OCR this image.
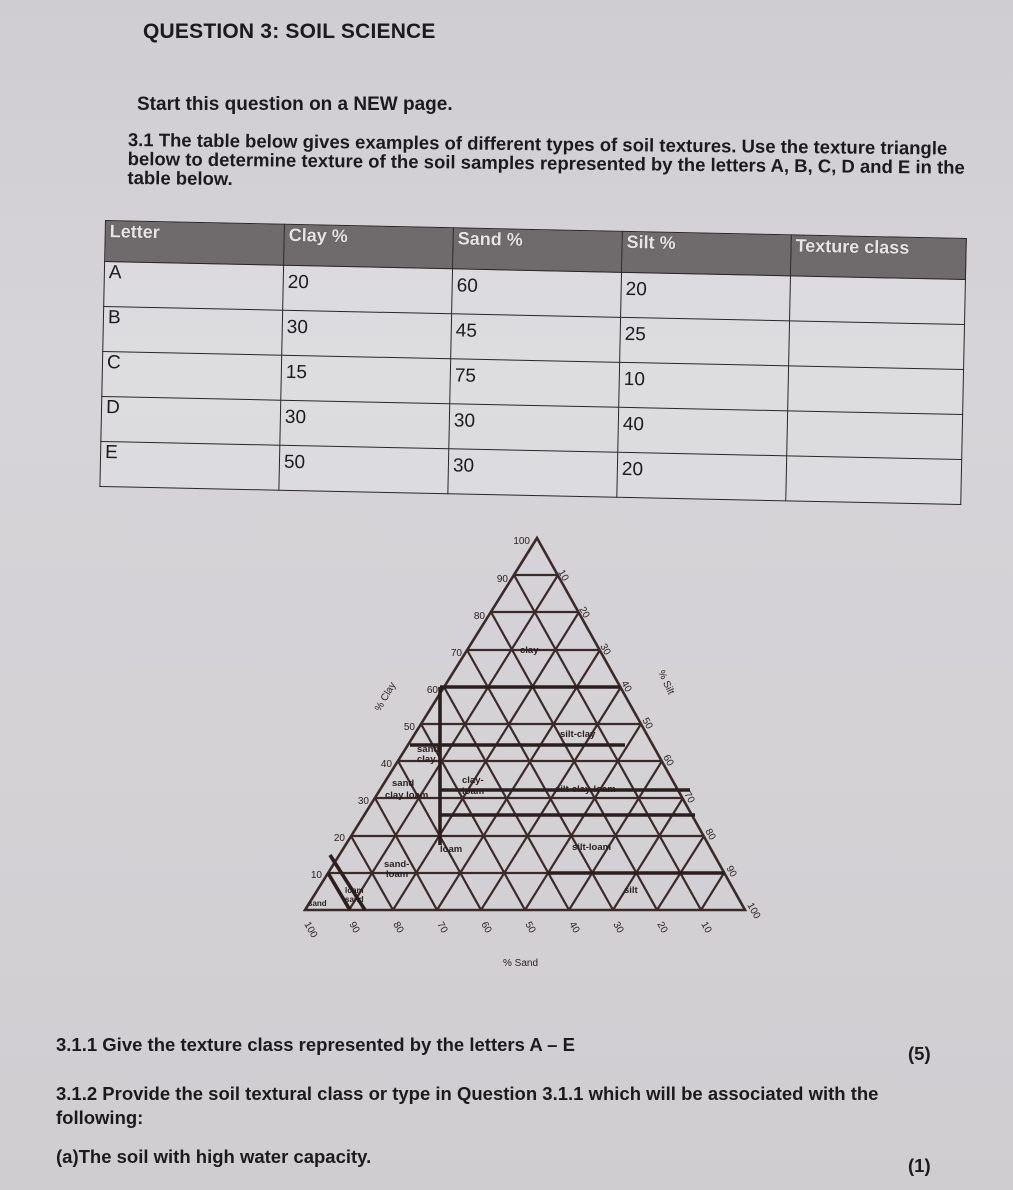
QUESTION 3: SOIL SCIENCE
Start this question on a NEW page.
3.1 The table below gives examples of different types of soil textures. Use the texture triangle below to determine texture of the soil samples represented by the letters A, B, C, D and E in the table below.
Letter	Clay %	Sand %	Silt %	Texture class
A	20	60	20	
B	30	45	25	
C	15	75	10	
D	30	30	40	
E	50	30	20	
clay
silt-clay
sand
clay
sand
clay loam
clay-
loam	silt-clay-loam
loam	silt-loam
sand-
loam
loam
sand
sand
silt
100
90
80
70
60
50
40
30
20
10
% Clay
10
20
30
40
50
60
70
80
90
100
% Silt
100	90	80	70	60	50	40	30	20	10
% Sand
3.1.1 Give the texture class represented by the letters A – E	(5)
3.1.2 Provide the soil textural class or type in Question 3.1.1 which will be associated with the following:
(a)The soil with high water capacity.	(1)
